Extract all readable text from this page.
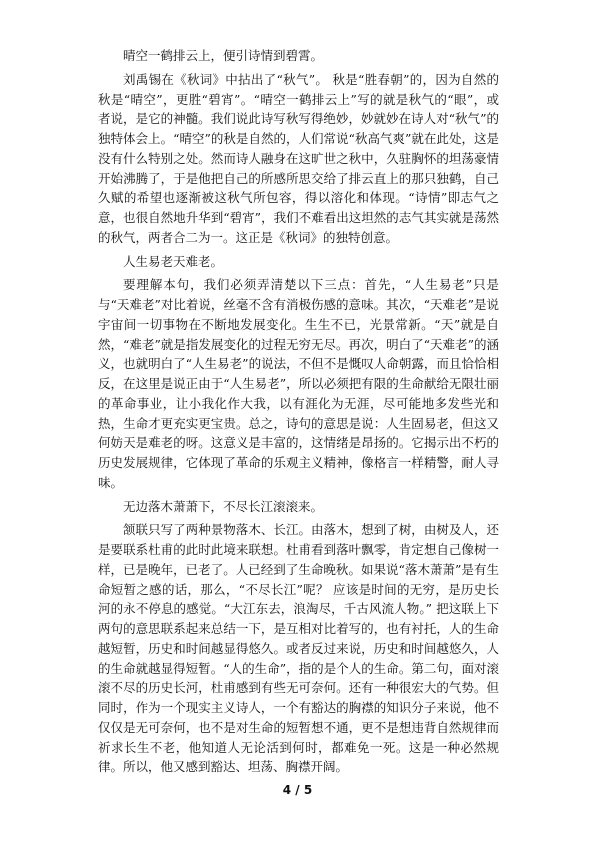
晴空一鹤排云上，便引诗情到碧霄。

刘禹锡在《秋词》中拈出了“秋气”。 秋是“胜春朝”的，因为自然的秋是“晴空”，更胜“碧宵”。“晴空一鹤排云上”写的就是秋气的“眼”，或者说，是它的神髓。我们说此诗写秋写得绝妙，妙就妙在诗人对“秋气”的独特体会上。“晴空”的秋是自然的，人们常说“秋高气爽”就在此处，这是没有什么特别之处。然而诗人融身在这旷世之秋中，久驻胸怀的坦荡豪情开始沸腾了，于是他把自己的所感所思交给了排云直上的那只独鹤，自己久赋的希望也逐渐被这秋气所包容，得以溶化和体现。“诗情”即志气之意，也很自然地升华到“碧宵”，我们不难看出这坦然的志气其实就是荡然的秋气，两者合二为一。这正是《秋词》的独特创意。

人生易老天难老。

要理解本句，我们必须弄清楚以下三点：首先，“人生易老”只是与“天难老”对比着说，丝毫不含有消极伤感的意味。其次，“天难老”是说宇宙间一切事物在不断地发展变化。生生不已，光景常新。“天”就是自然，“难老”就是指发展变化的过程无穷无尽。再次，明白了“天难老”的涵义，也就明白了“人生易老”的说法，不但不是慨叹人命朝露，而且恰恰相反，在这里是说正由于“人生易老”，所以必须把有限的生命献给无限壮丽的革命事业，让小我化作大我，以有涯化为无涯，尽可能地多发些光和热，生命才更充实更宝贵。总之，诗句的意思是说：人生固易老，但这又何妨天是难老的呀。这意义是丰富的，这情绪是昂扬的。它揭示出不朽的历史发展规律，它体现了革命的乐观主义精神，像格言一样精警，耐人寻味。

无边落木萧萧下，不尽长江滚滚来。

颔联只写了两种景物落木、长江。由落木，想到了树，由树及人，还是要联系杜甫的此时此境来联想。杜甫看到落叶飘零，肯定想自己像树一样，已是晚年，已老了。人已经到了生命晚秋。如果说“落木萧萧”是有生命短暂之感的话，那么，“不尽长江”呢？ 应该是时间的无穷，是历史长河的永不停息的感觉。“大江东去，浪淘尽，千古风流人物。” 把这联上下两句的意思联系起来总结一下，是互相对比着写的，也有衬托，人的生命越短暂，历史和时间越显得悠久。或者反过来说，历史和时间越悠久，人的生命就越显得短暂。“人的生命”，指的是个人的生命。第二句，面对滚滚不尽的历史长河，杜甫感到有些无可奈何。还有一种很宏大的气势。但同时，作为一个现实主义诗人，一个有豁达的胸襟的知识分子来说，他不仅仅是无可奈何，也不是对生命的短暂想不通，更不是想违背自然规律而祈求长生不老，他知道人无论活到何时，都难免一死。这是一种必然规律。所以，他又感到豁达、坦荡、胸襟开阔。

4 / 5
